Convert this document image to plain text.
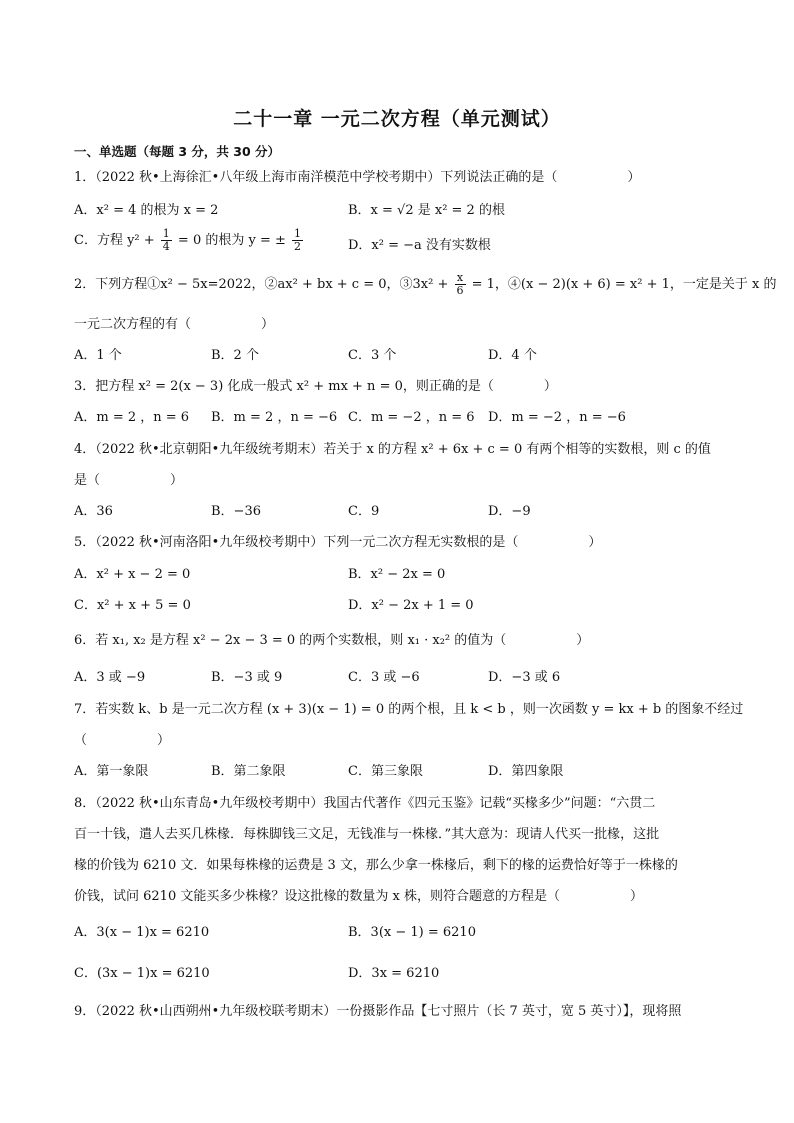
二十一章 一元二次方程（单元测试）
一、单选题（每题 3 分，共 30 分）
1．（2022 秋•上海徐汇•八年级上海市南洋模范中学校考期中）下列说法正确的是（	）
A．x² = 4 的根为 x = 2	B．x = √2 是 x² = 2 的根
C．方程 $y^2 + \frac{1}{4} = 0$ 的根为 y = ± $\frac{1}{2}$	D．x² = −a 没有实数根
2．下列方程①x² − 5x=2022，②ax² + bx + c = 0，③3x² + $\frac{x}{6} = 1$，④(x − 2)(x + 6) = x² + 1，一定是关于 x 的
一元二次方程的有（	）
A．1 个	B．2 个	C．3 个	D．4 个
3．把方程 x² = 2(x − 3) 化成一般式 x² + mx + n = 0，则正确的是（	）
A．m = 2 ，n = 6 B．m = 2 ，n = −6 C．m = −2 ，n = 6 D．m = −2 ，n = −6
4．（2022 秋•北京朝阳•九年级统考期末）若关于 x 的方程 x² + 6x + c = 0 有两个相等的实数根，则 c 的值
是（	）
A．36	B．−36	C．9	D．−9
5．（2022 秋•河南洛阳•九年级校考期中）下列一元二次方程无实数根的是（	）
A．x² + x − 2 = 0	B．x² − 2x = 0
C．x² + x + 5 = 0	D．x² − 2x + 1 = 0
6．若 x₁, x₂ 是方程 x² − 2x − 3 = 0 的两个实数根，则 x₁ · x₂² 的值为（	）
A．3 或 −9	B．−3 或 9	C．3 或 −6	D．−3 或 6
7．若实数 k、b 是一元二次方程 (x + 3)(x − 1) = 0 的两个根，且 k < b ，则一次函数 y = kx + b 的图象不经过
（	）
A．第一象限	B．第二象限	C．第三象限	D．第四象限
8．（2022 秋•山东青岛•九年级校考期中）我国古代著作《四元玉鉴》记载“买椽多少”问题：“六贯二
百一十钱，遣人去买几株椽．每株脚钱三文足，无钱准与一株椽．”其大意为：现请人代买一批椽，这批
椽的价钱为 6210 文．如果每株椽的运费是 3 文，那么少拿一株椽后，剩下的椽的运费恰好等于一株椽的
价钱，试问 6210 文能买多少株椽？设这批椽的数量为 x 株，则符合题意的方程是（	）
A．3(x − 1)x = 6210	B．3(x − 1) = 6210
C．(3x − 1)x = 6210	D．3x = 6210
9．（2022 秋•山西朔州•九年级校联考期末）一份摄影作品【七寸照片（长 7 英寸，宽 5 英寸）】，现将照
